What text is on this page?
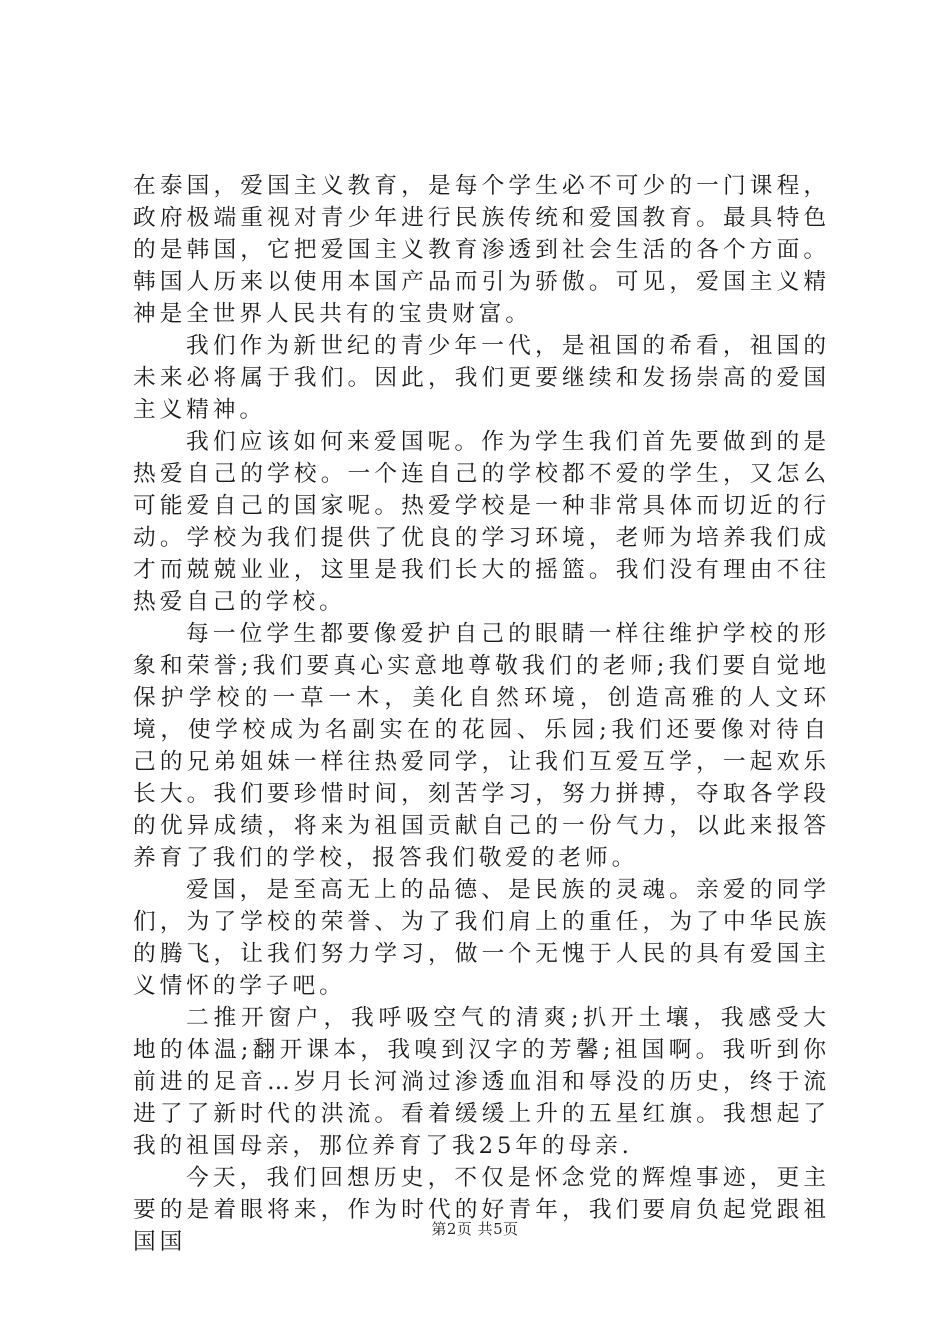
在泰国，爱国主义教育，是每个学生必不可少的一门课程，政府极端重视对青少年进行民族传统和爱国教育。最具特色的是韩国，它把爱国主义教育渗透到社会生活的各个方面。韩国人历来以使用本国产品而引为骄傲。可见，爱国主义精神是全世界人民共有的宝贵财富。

我们作为新世纪的青少年一代，是祖国的希看，祖国的未来必将属于我们。因此，我们更要继续和发扬崇高的爱国主义精神。

我们应该如何来爱国呢。作为学生我们首先要做到的是热爱自己的学校。一个连自己的学校都不爱的学生，又怎么可能爱自己的国家呢。热爱学校是一种非常具体而切近的行动。学校为我们提供了优良的学习环境，老师为培养我们成才而兢兢业业，这里是我们长大的摇篮。我们没有理由不往热爱自己的学校。

每一位学生都要像爱护自己的眼睛一样往维护学校的形象和荣誉;我们要真心实意地尊敬我们的老师;我们要自觉地保护学校的一草一木，美化自然环境，创造高雅的人文环境，使学校成为名副实在的花园、乐园;我们还要像对待自己的兄弟姐妹一样往热爱同学，让我们互爱互学，一起欢乐长大。我们要珍惜时间，刻苦学习，努力拼搏，夺取各学段的优异成绩，将来为祖国贡献自己的一份气力，以此来报答养育了我们的学校，报答我们敬爱的老师。

爱国，是至高无上的品德、是民族的灵魂。亲爱的同学们，为了学校的荣誉、为了我们肩上的重任，为了中华民族的腾飞，让我们努力学习，做一个无愧于人民的具有爱国主义情怀的学子吧。

二推开窗户，我呼吸空气的清爽;扒开土壤，我感受大地的体温;翻开课本，我嗅到汉字的芳馨;祖国啊。我听到你前进的足音…岁月长河淌过渗透血泪和辱没的历史，终于流进了了新时代的洪流。看着缓缓上升的五星红旗。我想起了我的祖国母亲，那位养育了我25年的母亲.

今天，我们回想历史，不仅是怀念党的辉煌事迹，更主要的是着眼将来，作为时代的好青年，我们要肩负起党跟祖国国	第2页 共5页
